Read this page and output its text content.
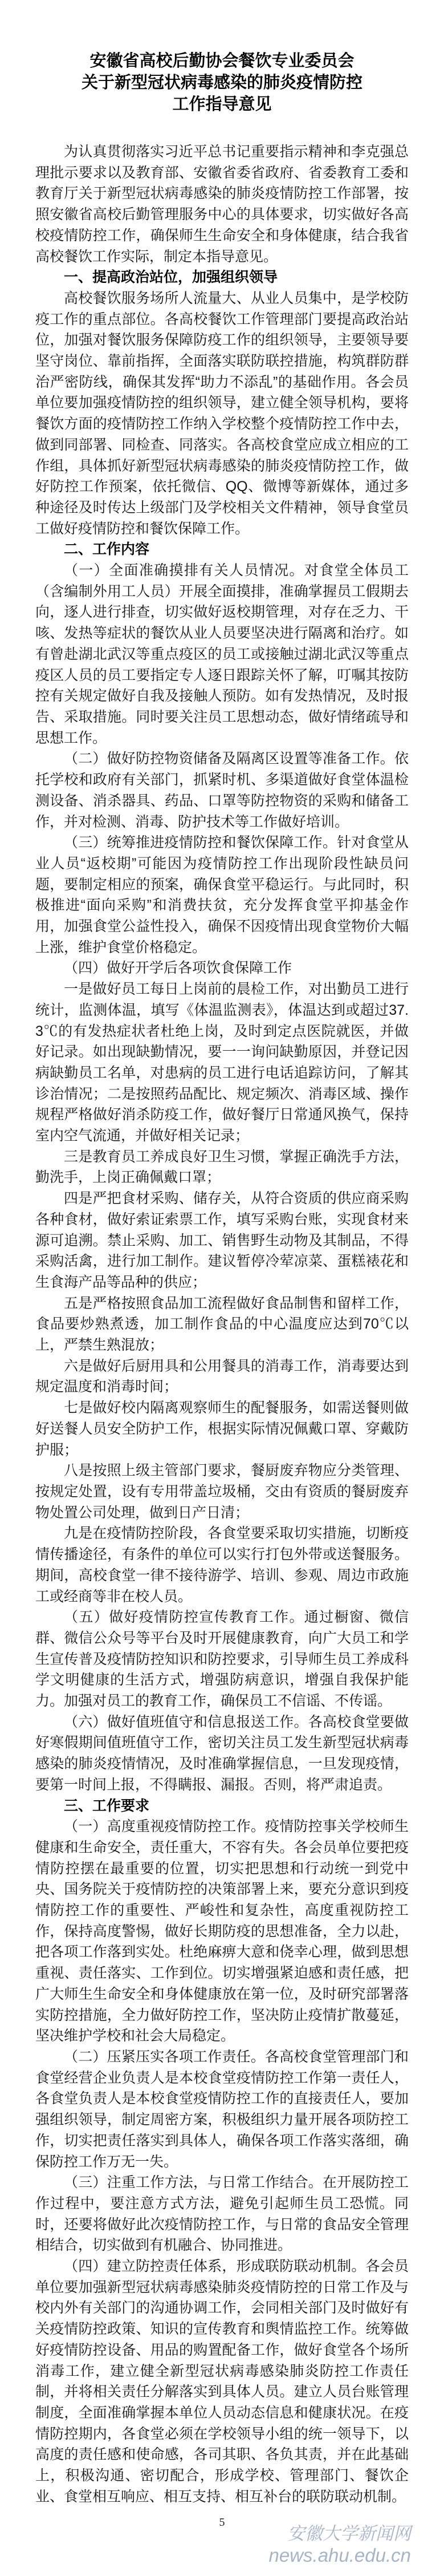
安徽省高校后勤协会餐饮专业委员会
关于新型冠状病毒感染的肺炎疫情防控
工作指导意见

为认真贯彻落实习近平总书记重要指示精神和李克强总理批示要求以及教育部、安徽省委省政府、省委教育工委和教育厅关于新型冠状病毒感染的肺炎疫情防控工作部署，按照安徽省高校后勤管理服务中心的具体要求，切实做好各高校疫情防控工作，确保师生生命安全和身体健康，结合我省高校餐饮工作实际，制定本指导意见。

一、提高政治站位，加强组织领导

高校餐饮服务场所人流量大、从业人员集中，是学校防疫工作的重点部位。各高校餐饮工作管理部门要提高政治站位，加强对餐饮服务保障防疫工作的组织领导，主要领导要坚守岗位、靠前指挥，全面落实联防联控措施，构筑群防群治严密防线，确保其发挥“助力不添乱”的基础作用。各会员单位要加强疫情防控的组织领导，建立健全领导机构，要将餐饮方面的疫情防控工作纳入学校整个疫情防控工作中去，做到同部署、同检查、同落实。各高校食堂应成立相应的工作组，具体抓好新型冠状病毒感染的肺炎疫情防控工作，做好防控工作预案，依托微信、QQ、微博等新媒体，通过多种途径及时传达上级部门及学校相关文件精神，领导食堂员工做好疫情防控和餐饮保障工作。

二、工作内容

（一）全面准确摸排有关人员情况。对食堂全体员工（含编制外用工人员）开展全面摸排，准确掌握员工假期去向，逐人进行排查，切实做好返校期管理，对存在乏力、干咳、发热等症状的餐饮从业人员要坚决进行隔离和治疗。如有曾赴湖北武汉等重点疫区的员工或接触过湖北武汉等重点疫区人员的员工要指定专人逐日跟踪关怀了解，叮嘱其按防控有关规定做好自我及接触人预防。如有发热情况，及时报告、采取措施。同时要关注员工思想动态，做好情绪疏导和思想工作。

（二）做好防控物资储备及隔离区设置等准备工作。依托学校和政府有关部门，抓紧时机、多渠道做好食堂体温检测设备、消杀器具、药品、口罩等防控物资的采购和储备工作，并对检测、消毒、防护技术等工作做好培训。

（三）统筹推进疫情防控和餐饮保障工作。针对食堂从业人员“返校期”可能因为疫情防控工作出现阶段性缺员问题，要制定相应的预案，确保食堂平稳运行。与此同时，积极推进“面向采购”和消费扶贫，充分发挥食堂平抑基金作用，加强食堂公益性投入，确保不因疫情出现食堂物价大幅上涨，维护食堂价格稳定。

（四）做好开学后各项饮食保障工作

一是做好员工每日上岗前的晨检工作，对出勤员工进行统计，监测体温，填写《体温监测表》，体温达到或超过37.3℃的有发热症状者杜绝上岗，及时到定点医院就医，并做好记录。如出现缺勤情况，要一一询问缺勤原因，并登记因病缺勤员工名单，对患病的员工进行电话追踪访问，了解其诊治情况；二是按照药品配比、规定频次、消毒区域、操作规程严格做好消杀防疫工作，做好餐厅日常通风换气，保持室内空气流通，并做好相关记录；

三是教育员工养成良好卫生习惯，掌握正确洗手方法，勤洗手，上岗正确佩戴口罩；

四是严把食材采购、储存关，从符合资质的供应商采购各种食材，做好索证索票工作，填写采购台账，实现食材来源可追溯。禁止采购、加工、销售野生动物及其制品，不得采购活禽，进行加工制作。建议暂停冷荤凉菜、蛋糕裱花和生食海产品等品种的供应；

五是严格按照食品加工流程做好食品制售和留样工作，食品要炒熟煮透，加工制作食品的中心温度应达到70℃以上，严禁生熟混放；

六是做好后厨用具和公用餐具的消毒工作，消毒要达到规定温度和消毒时间；

七是做好校内隔离观察师生的配餐服务，如需送餐则做好送餐人员安全防护工作，根据实际情况佩戴口罩、穿戴防护服；

八是按照上级主管部门要求，餐厨废弃物应分类管理、按规定处置，设有专用带盖垃圾桶，交由有资质的餐厨废弃物处置公司处理，做到日产日清；

九是在疫情防控阶段，各食堂要采取切实措施，切断疫情传播途径，有条件的单位可以实行打包外带或送餐服务。期间，高校食堂一律不接待游学、培训、参观、周边市政施工或经商等非在校人员。

（五）做好疫情防控宣传教育工作。通过橱窗、微信群、微信公众号等平台及时开展健康教育，向广大员工和学生宣传普及疫情防控知识和防控要求，引导师生员工养成科学文明健康的生活方式，增强防病意识，增强自我保护能力。加强对员工的教育工作，确保员工不信谣、不传谣。

（六）做好值班值守和信息报送工作。各高校食堂要做好寒假期间值班值守工作，密切关注员工发生新型冠状病毒感染的肺炎疫情情况，及时准确掌握信息，一旦发现疫情，要第一时间上报，不得瞒报、漏报。否则，将严肃追责。

三、工作要求

（一）高度重视疫情防控工作。疫情防控事关学校师生健康和生命安全，责任重大，不容有失。各会员单位要把疫情防控摆在最重要的位置，切实把思想和行动统一到党中央、国务院关于疫情防控的决策部署上来，要充分意识到疫情防控工作的重要性、严峻性和复杂性，高度重视防控工作，保持高度警惕，做好长期防疫的思想准备，全力以赴，把各项工作落到实处。杜绝麻痹大意和侥幸心理，做到思想重视、责任落实、工作到位。切实增强紧迫感和责任感，把广大师生生命安全和身体健康放在第一位，及时研究部署落实防控措施，全力做好防控工作，坚决防止疫情扩散蔓延，坚决维护学校和社会大局稳定。

（二）压紧压实各项工作责任。各高校食堂管理部门和食堂经营企业负责人是本校食堂疫情防控工作第一责任人，各食堂负责人是本校食堂疫情防控工作的直接责任人，要加强组织领导，制定周密方案，积极组织力量开展各项防控工作，切实把责任落实到具体人，确保各项工作落实落细，确保防控工作万无一失。

（三）注重工作方法，与日常工作结合。在开展防控工作过程中，要注意方式方法，避免引起师生员工恐慌。同时，还要将做好此次疫情防控工作，与日常的食品安全管理相结合，切实做到有机融合、协同推进。

（四）建立防控责任体系，形成联防联动机制。各会员单位要加强新型冠状病毒感染肺炎疫情防控的日常工作及与校内外有关部门的沟通协调工作，会同相关部门及时做好有关疫情防控政策、知识的宣传教育和舆情监控工作。统筹做好疫情防控设备、用品的购置配备工作，做好食堂各个场所消毒工作，建立健全新型冠状病毒感染肺炎防控工作责任制，并将相关责任分解落实到具体人员。建立人员台账管理制度，全面准确掌握本单位人员动态信息和健康状况。在疫情防控期内，各食堂必须在学校领导小组的统一领导下，以高度的责任感和使命感，各司其职、各负其责，并在此基础上，积极沟通、密切配合，形成学校、管理部门、餐饮企业、食堂相互响应、相互支持、相互补台的联防联动机制。

5
安徽大学新闻网
news.ahu.edu.cn
